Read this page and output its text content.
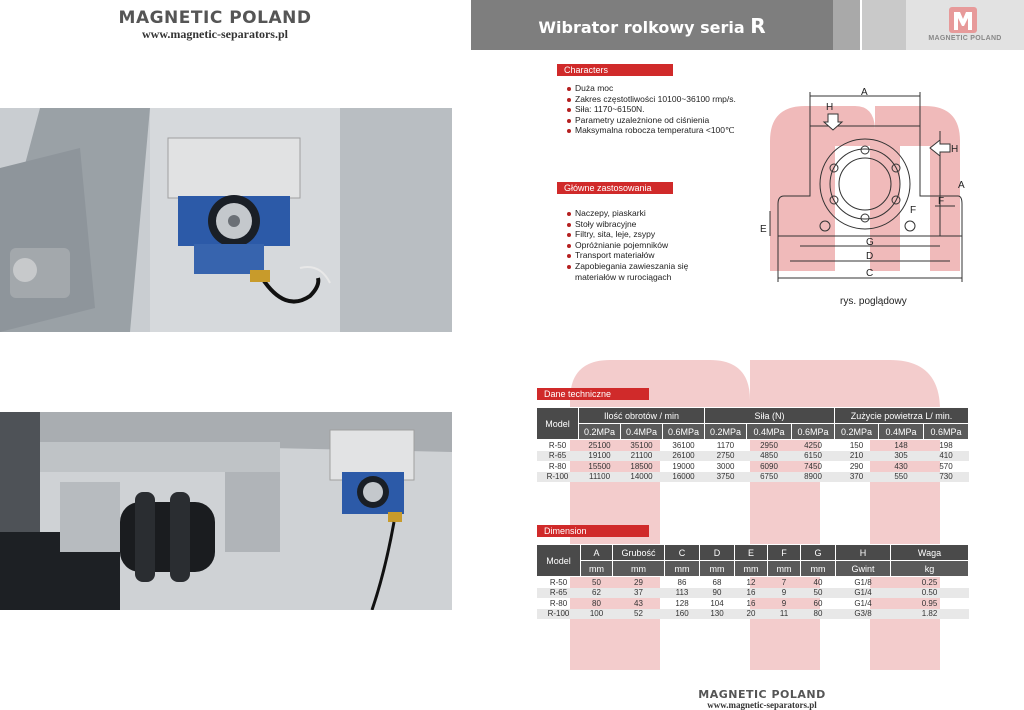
MAGNETIC POLAND
www.magnetic-separators.pl	Wibrator rolkowy seria R
MAGNETIC POLAND
Characters
Duża moc
Zakres częstotliwości 10100~36100 rmp/s.
Siła: 1170~6150N.
Parametry uzależnione od ciśnienia
Maksymalna robocza temperatura <100℃
Główne zastosowania
Naczepy, piaskarki
Stoły wibracyjne
Filtry, sita, leje, zsypy
Opróżnianie pojemników
Transport materiałów
Zapobiegania zawieszania się materiałów w rurociągach
A
H
H
A
F
F
E
G
D
C
rys. poglądowy
Dane techniczne
Model	Ilość obrotów / min			Siła (N)			Zużycie powietrza L/ min.		
	0.2MPa	0.4MPa	0.6MPa	0.2MPa	0.4MPa	0.6MPa	0.2MPa	0.4MPa	0.6MPa
R-50	25100	35100	36100	1170	2950	4250	150	148	198
R-65	19100	21100	26100	2750	4850	6150	210	305	410
R-80	15500	18500	19000	3000	6090	7450	290	430	570
R-100	11100	14000	16000	3750	6750	8900	370	550	730
Dimension
Model	A	Grubość	C	D	E	F	G	H	Waga
	mm	mm	mm	mm	mm	mm	mm	Gwint	kg
R-50	50	29	86	68	12	7	40	G1/8	0.25
R-65	62	37	113	90	16	9	50	G1/4	0.50
R-80	80	43	128	104	16	9	60	G1/4	0.95
R-100	100	52	160	130	20	11	80	G3/8	1.82
MAGNETIC POLAND
www.magnetic-separators.pl
